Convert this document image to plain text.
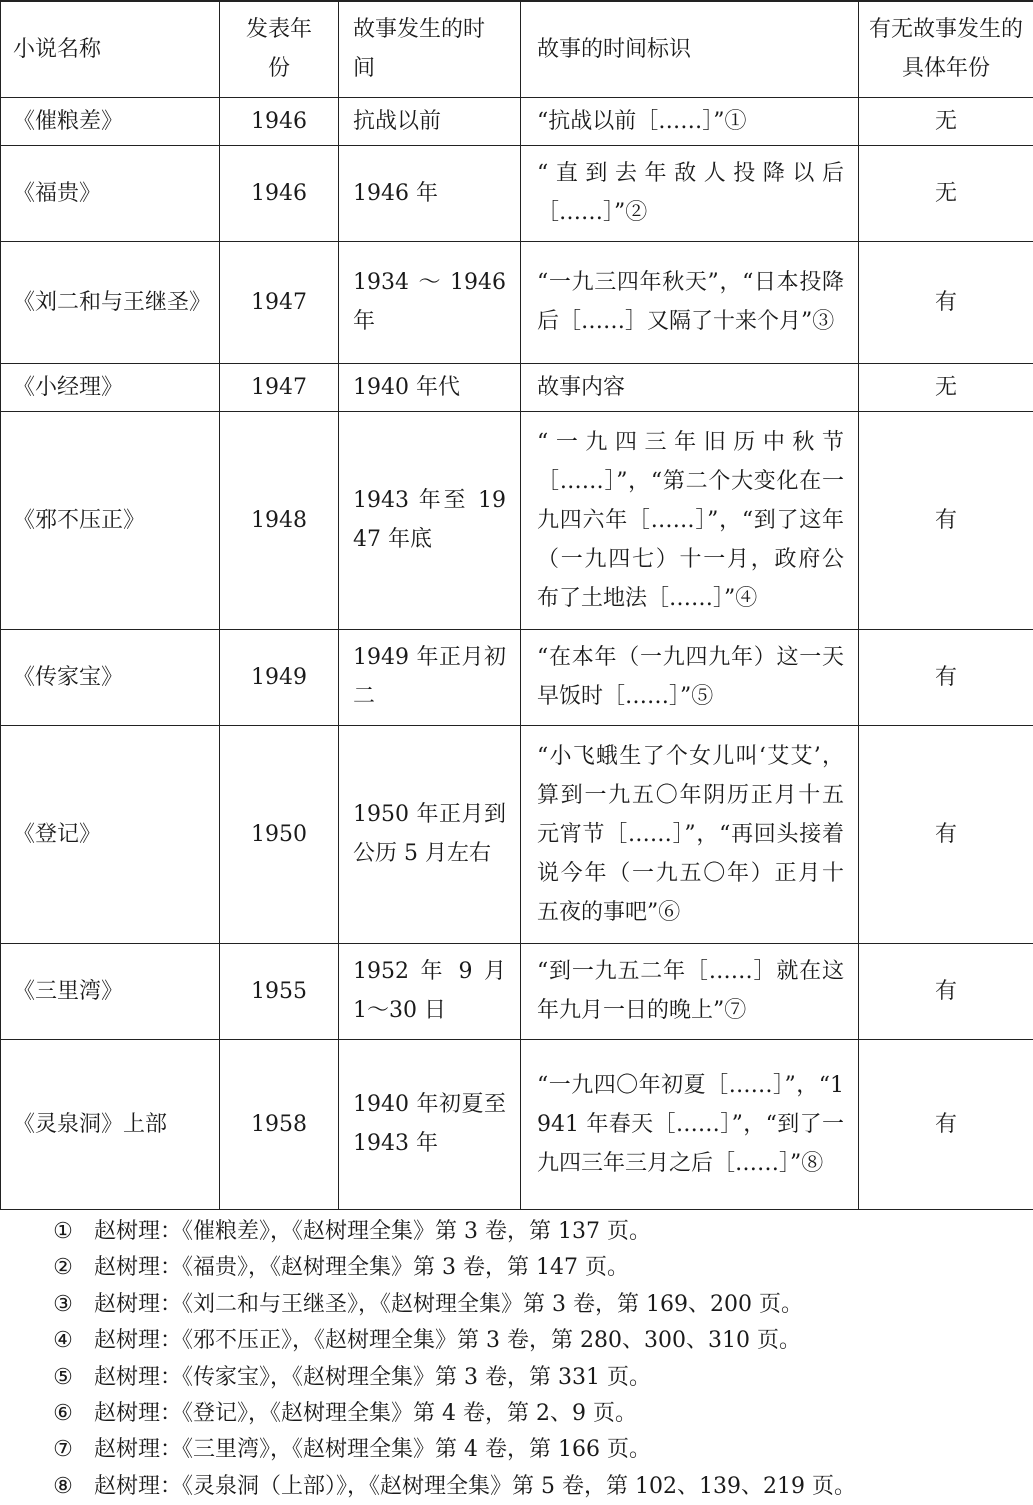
小说名称	发表年份	故事发生的时间	故事的时间标识	有无故事发生的具体年份
《催粮差》	1946	抗战以前	“抗战以前［……］”①	无
《福贵》	1946	1946 年	“直到去年敌人投降以后［……］”②	无
《刘二和与王继圣》	1947	1934～1946 年	“一九三四年秋天”，“日本投降后［……］又隔了十来个月”③	有
《小经理》	1947	1940 年代	故事内容	无
《邪不压正》	1948	1943 年至 1947 年底	“一九四三年旧历中秋节［……］”，“第二个大变化在一九四六年［……］”，“到了这年（一九四七）十一月，政府公布了土地法［……］”④	有
《传家宝》	1949	1949 年正月初二	“在本年（一九四九年）这一天早饭时［……］”⑤	有
《登记》	1950	1950 年正月到公历 5 月左右	“小飞蛾生了个女儿叫‘艾艾’，算到一九五〇年阴历正月十五元宵节［……］”，“再回头接着说今年（一九五〇年）正月十五夜的事吧”⑥	有
《三里湾》	1955	1952 年 9 月 1～30 日	“到一九五二年［……］就在这年九月一日的晚上”⑦	有
《灵泉洞》上部	1958	1940 年初夏至 1943 年	“一九四〇年初夏［……］”，“1941 年春天［……］”，“到了一九四三年三月之后［……］”⑧	有
① 赵树理：《催粮差》，《赵树理全集》第 3 卷，第 137 页。
② 赵树理：《福贵》，《赵树理全集》第 3 卷，第 147 页。
③ 赵树理：《刘二和与王继圣》，《赵树理全集》第 3 卷，第 169、200 页。
④ 赵树理：《邪不压正》，《赵树理全集》第 3 卷，第 280、300、310 页。
⑤ 赵树理：《传家宝》，《赵树理全集》第 3 卷，第 331 页。
⑥ 赵树理：《登记》，《赵树理全集》第 4 卷，第 2、9 页。
⑦ 赵树理：《三里湾》，《赵树理全集》第 4 卷，第 166 页。
⑧ 赵树理：《灵泉洞（上部）》，《赵树理全集》第 5 卷，第 102、139、219 页。
